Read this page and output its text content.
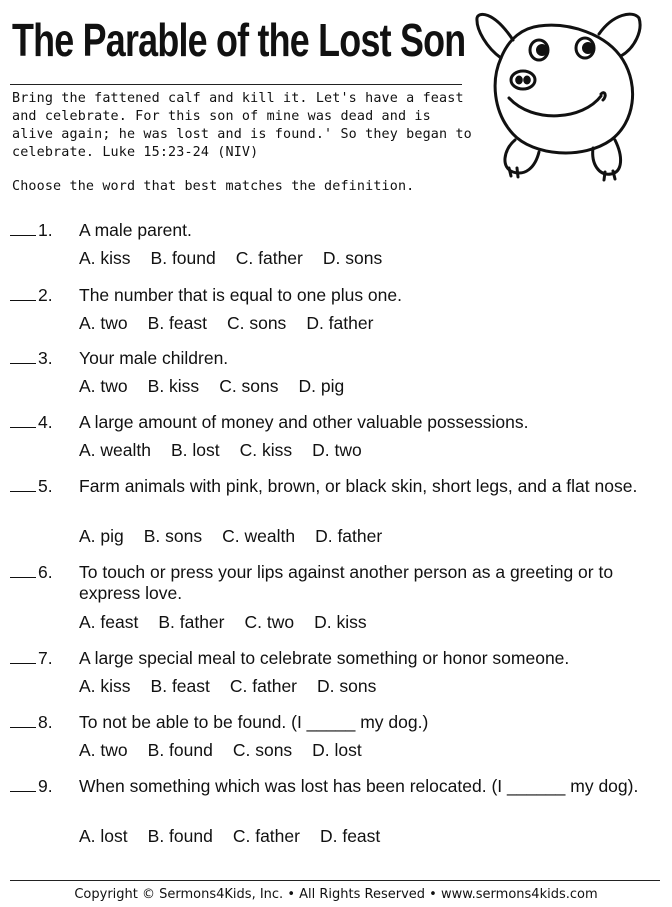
The Parable of the Lost Son
Bring the fattened calf and kill it. Let's have a feast and celebrate. For this son of mine was dead and is alive again; he was lost and is found.' So they began to celebrate. Luke 15:23-24 (NIV)
Choose the word that best matches the definition.
1. A male parent.
A. kiss B. found C. father D. sons
2. The number that is equal to one plus one.
A. two B. feast C. sons D. father
3. Your male children.
A. two B. kiss C. sons D. pig
4. A large amount of money and other valuable possessions.
A. wealth B. lost C. kiss D. two
5. Farm animals with pink, brown, or black skin, short legs, and a flat nose.
A. pig B. sons C. wealth D. father
6. To touch or press your lips against another person as a greeting or to express love.
A. feast B. father C. two D. kiss
7. A large special meal to celebrate something or honor someone.
A. kiss B. feast C. father D. sons
8. To not be able to be found. (I _____ my dog.)
A. two B. found C. sons D. lost
9. When something which was lost has been relocated. (I ______ my dog).
A. lost B. found C. father D. feast
Copyright © Sermons4Kids, Inc. • All Rights Reserved • www.sermons4kids.com
